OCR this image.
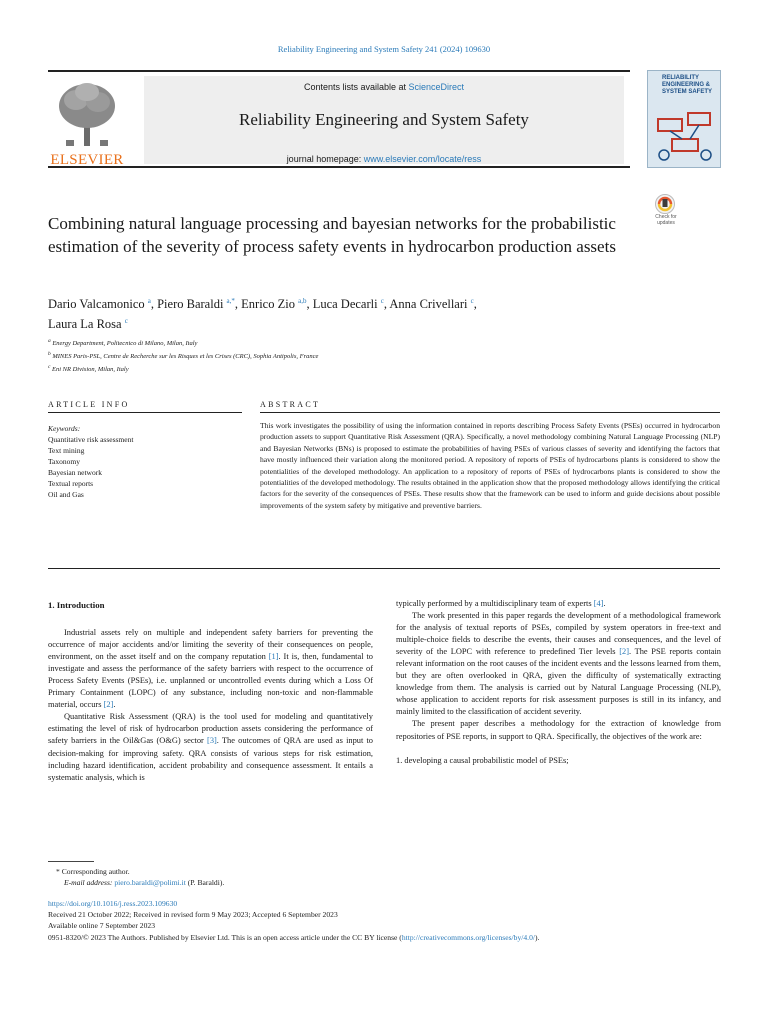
Reliability Engineering and System Safety 241 (2024) 109630
ELSEVIER
Contents lists available at ScienceDirect
Reliability Engineering and System Safety
journal homepage: www.elsevier.com/locate/ress
RELIABILITY ENGINEERING & SYSTEM SAFETY
Check for updates
Combining natural language processing and bayesian networks for the probabilistic estimation of the severity of process safety events in hydrocarbon production assets
Dario Valcamonico $^a$, Piero Baraldi $^{a,*}$, Enrico Zio $^{a,b}$, Luca Decarli $^c$, Anna Crivellari $^c$,
Laura La Rosa $^c$
$^a$ Energy Department, Politecnico di Milano, Milan, Italy
$^b$ MINES Paris-PSL, Centre de Recherche sur les Risques et les Crises (CRC), Sophia Antipolis, France
$^c$ Eni NR Division, Milan, Italy
ARTICLE INFO	ABSTRACT
Keywords:
Quantitative risk assessment
Text mining
Taxonomy
Bayesian network
Textual reports
Oil and Gas
This work investigates the possibility of using the information contained in reports describing Process Safety Events (PSEs) occurred in hydrocarbon production assets to support Quantitative Risk Assessment (QRA). Specifically, a novel methodology combining Natural Language Processing (NLP) and Bayesian Networks (BNs) is proposed to estimate the probabilities of having PSEs of various classes of severity and identifying the factors that have mostly influenced their variation along the monitored period. A repository of reports of PSEs of hydrocarbons plants is considered to show the potentialities of the developed methodology. An application to a repository of reports of PSEs of hydrocarbons plants is considered to show the potentialities of the developed methodology. The results obtained in the application show that the proposed methodology allows identifying the critical factors for the severity of the consequences of PSEs. These results show that the framework can be used to inform and guide decisions about possible improvements of the system safety by mitigative and preventive barriers.
1. Introduction

Industrial assets rely on multiple and independent safety barriers for preventing the occurrence of major accidents and/or limiting the severity of their consequences on people, environment, on the asset itself and on the company reputation [1]. It is, then, fundamental to investigate and assess the performance of the safety barriers with respect to the occurrence of Process Safety Events (PSEs), i.e. unplanned or uncontrolled events during which a Loss Of Primary Containment (LOPC) of any substance, including non-toxic and non-flammable material, occurs [2].

Quantitative Risk Assessment (QRA) is the tool used for modeling and quantitatively estimating the level of risk of hydrocarbon production assets considering the performance of safety barriers in the Oil&Gas (O&G) sector [3]. The outcomes of QRA are used as input to decision-making for improving safety. QRA consists of various steps for risk estimation, including hazard identification, accident probability and consequence assessment. It entails a systematic analysis, which is

typically performed by a multidisciplinary team of experts [4].

The work presented in this paper regards the development of a methodological framework for the analysis of textual reports of PSEs, compiled by system operators in free-text and multiple-choice fields to describe the events, their causes and consequences, and the level of severity of the LOPC with reference to predefined Tier levels [2]. The PSE reports contain relevant information on the root causes of the incident events and the lessons learned from them, but they are often overlooked in QRA, given the difficulty of systematically extracting knowledge from them. The analysis is carried out by Natural Language Processing (NLP), whose application to accident reports for risk assessment purposes is still in its infancy, and mainly limited to the classification of accident severity.

The present paper describes a methodology for the extraction of knowledge from repositories of PSE reports, in support to QRA. Specifically, the objectives of the work are:

1. developing a causal probabilistic model of PSEs;

* Corresponding author.
E-mail address: piero.baraldi@polimi.it (P. Baraldi).
https://doi.org/10.1016/j.ress.2023.109630
Received 21 October 2022; Received in revised form 9 May 2023; Accepted 6 September 2023
Available online 7 September 2023
0951-8320/© 2023 The Authors. Published by Elsevier Ltd. This is an open access article under the CC BY license (http://creativecommons.org/licenses/by/4.0/).
